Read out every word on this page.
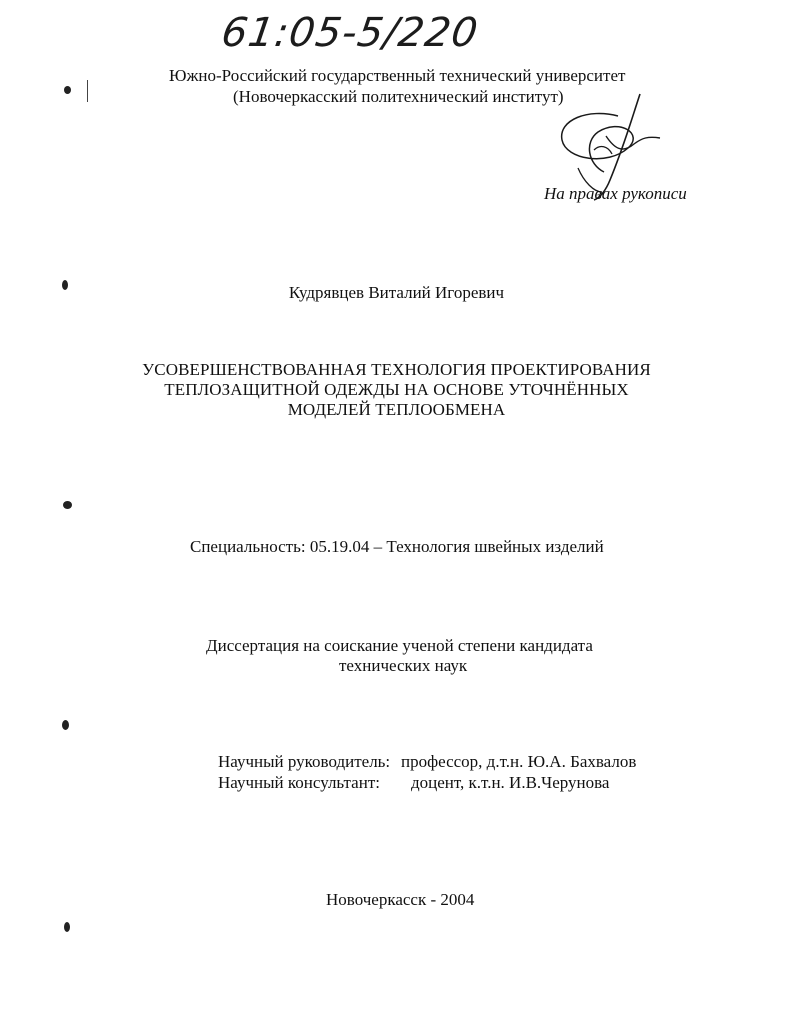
61:05-5/220
Южно-Российский государственный технический университет
(Новочеркасский политехнический институт)
На правах рукописи
Кудрявцев Виталий Игоревич
УСОВЕРШЕНСТВОВАННАЯ ТЕХНОЛОГИЯ ПРОЕКТИРОВАНИЯ
ТЕПЛОЗАЩИТНОЙ ОДЕЖДЫ НА ОСНОВЕ УТОЧНЁННЫХ
МОДЕЛЕЙ ТЕПЛООБМЕНА
Специальность: 05.19.04 – Технология швейных изделий
Диссертация на соискание ученой степени кандидата
технических наук
Научный руководитель: профессор, д.т.н. Ю.А. Бахвалов
Научный консультант: доцент, к.т.н. И.В.Черунова
Новочеркасск - 2004
